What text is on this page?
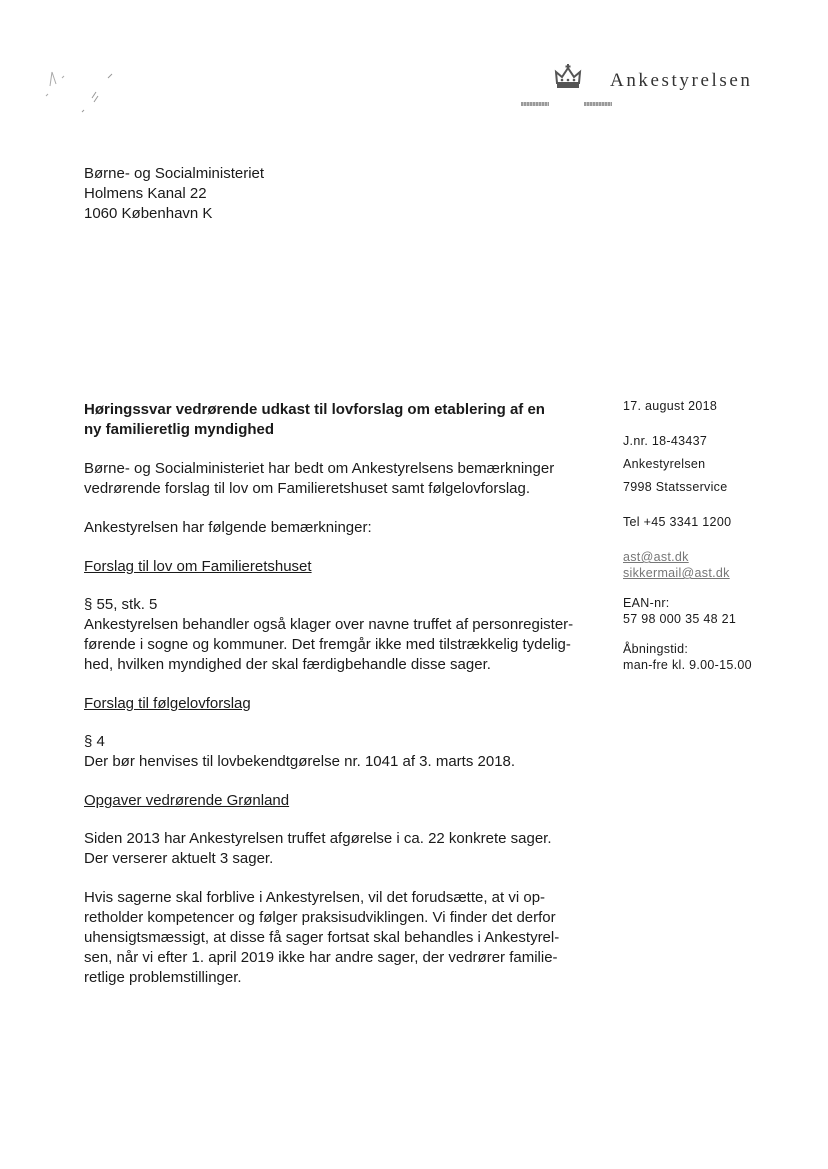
Ankestyrelsen
Børne- og Socialministeriet
Holmens Kanal 22
1060 København K
Høringssvar vedrørende udkast til lovforslag om etablering af en
ny familieretlig myndighed

Børne- og Socialministeriet har bedt om Ankestyrelsens bemærkninger vedrørende forslag til lov om Familieretshuset samt følgelovforslag.

Ankestyrelsen har følgende bemærkninger:

Forslag til lov om Familieretshuset
§ 55, stk. 5
Ankestyrelsen behandler også klager over navne truffet af personregister-
førende i sogne og kommuner. Det fremgår ikke med tilstrækkelig tydelig-
hed, hvilken myndighed der skal færdigbehandle disse sager.
Forslag til følgelovforslag
§ 4
Der bør henvises til lovbekendtgørelse nr. 1041 af 3. marts 2018.
Opgaver vedrørende Grønland
Siden 2013 har Ankestyrelsen truffet afgørelse i ca. 22 konkrete sager.
Der verserer aktuelt 3 sager.
Hvis sagerne skal forblive i Ankestyrelsen, vil det forudsætte, at vi op-
retholder kompetencer og følger praksisudviklingen. Vi finder det derfor
uhensigtsmæssigt, at disse få sager fortsat skal behandles i Ankestyrel-
sen, når vi efter 1. april 2019 ikke har andre sager, der vedrører familie-
retlige problemstillinger.
17. august 2018
J.nr. 18-43437
Ankestyrelsen
7998 Statsservice
Tel +45 3341 1200
ast@ast.dk
sikkermail@ast.dk
EAN-nr:
57 98 000 35 48 21
Åbningstid:
man-fre kl. 9.00-15.00
